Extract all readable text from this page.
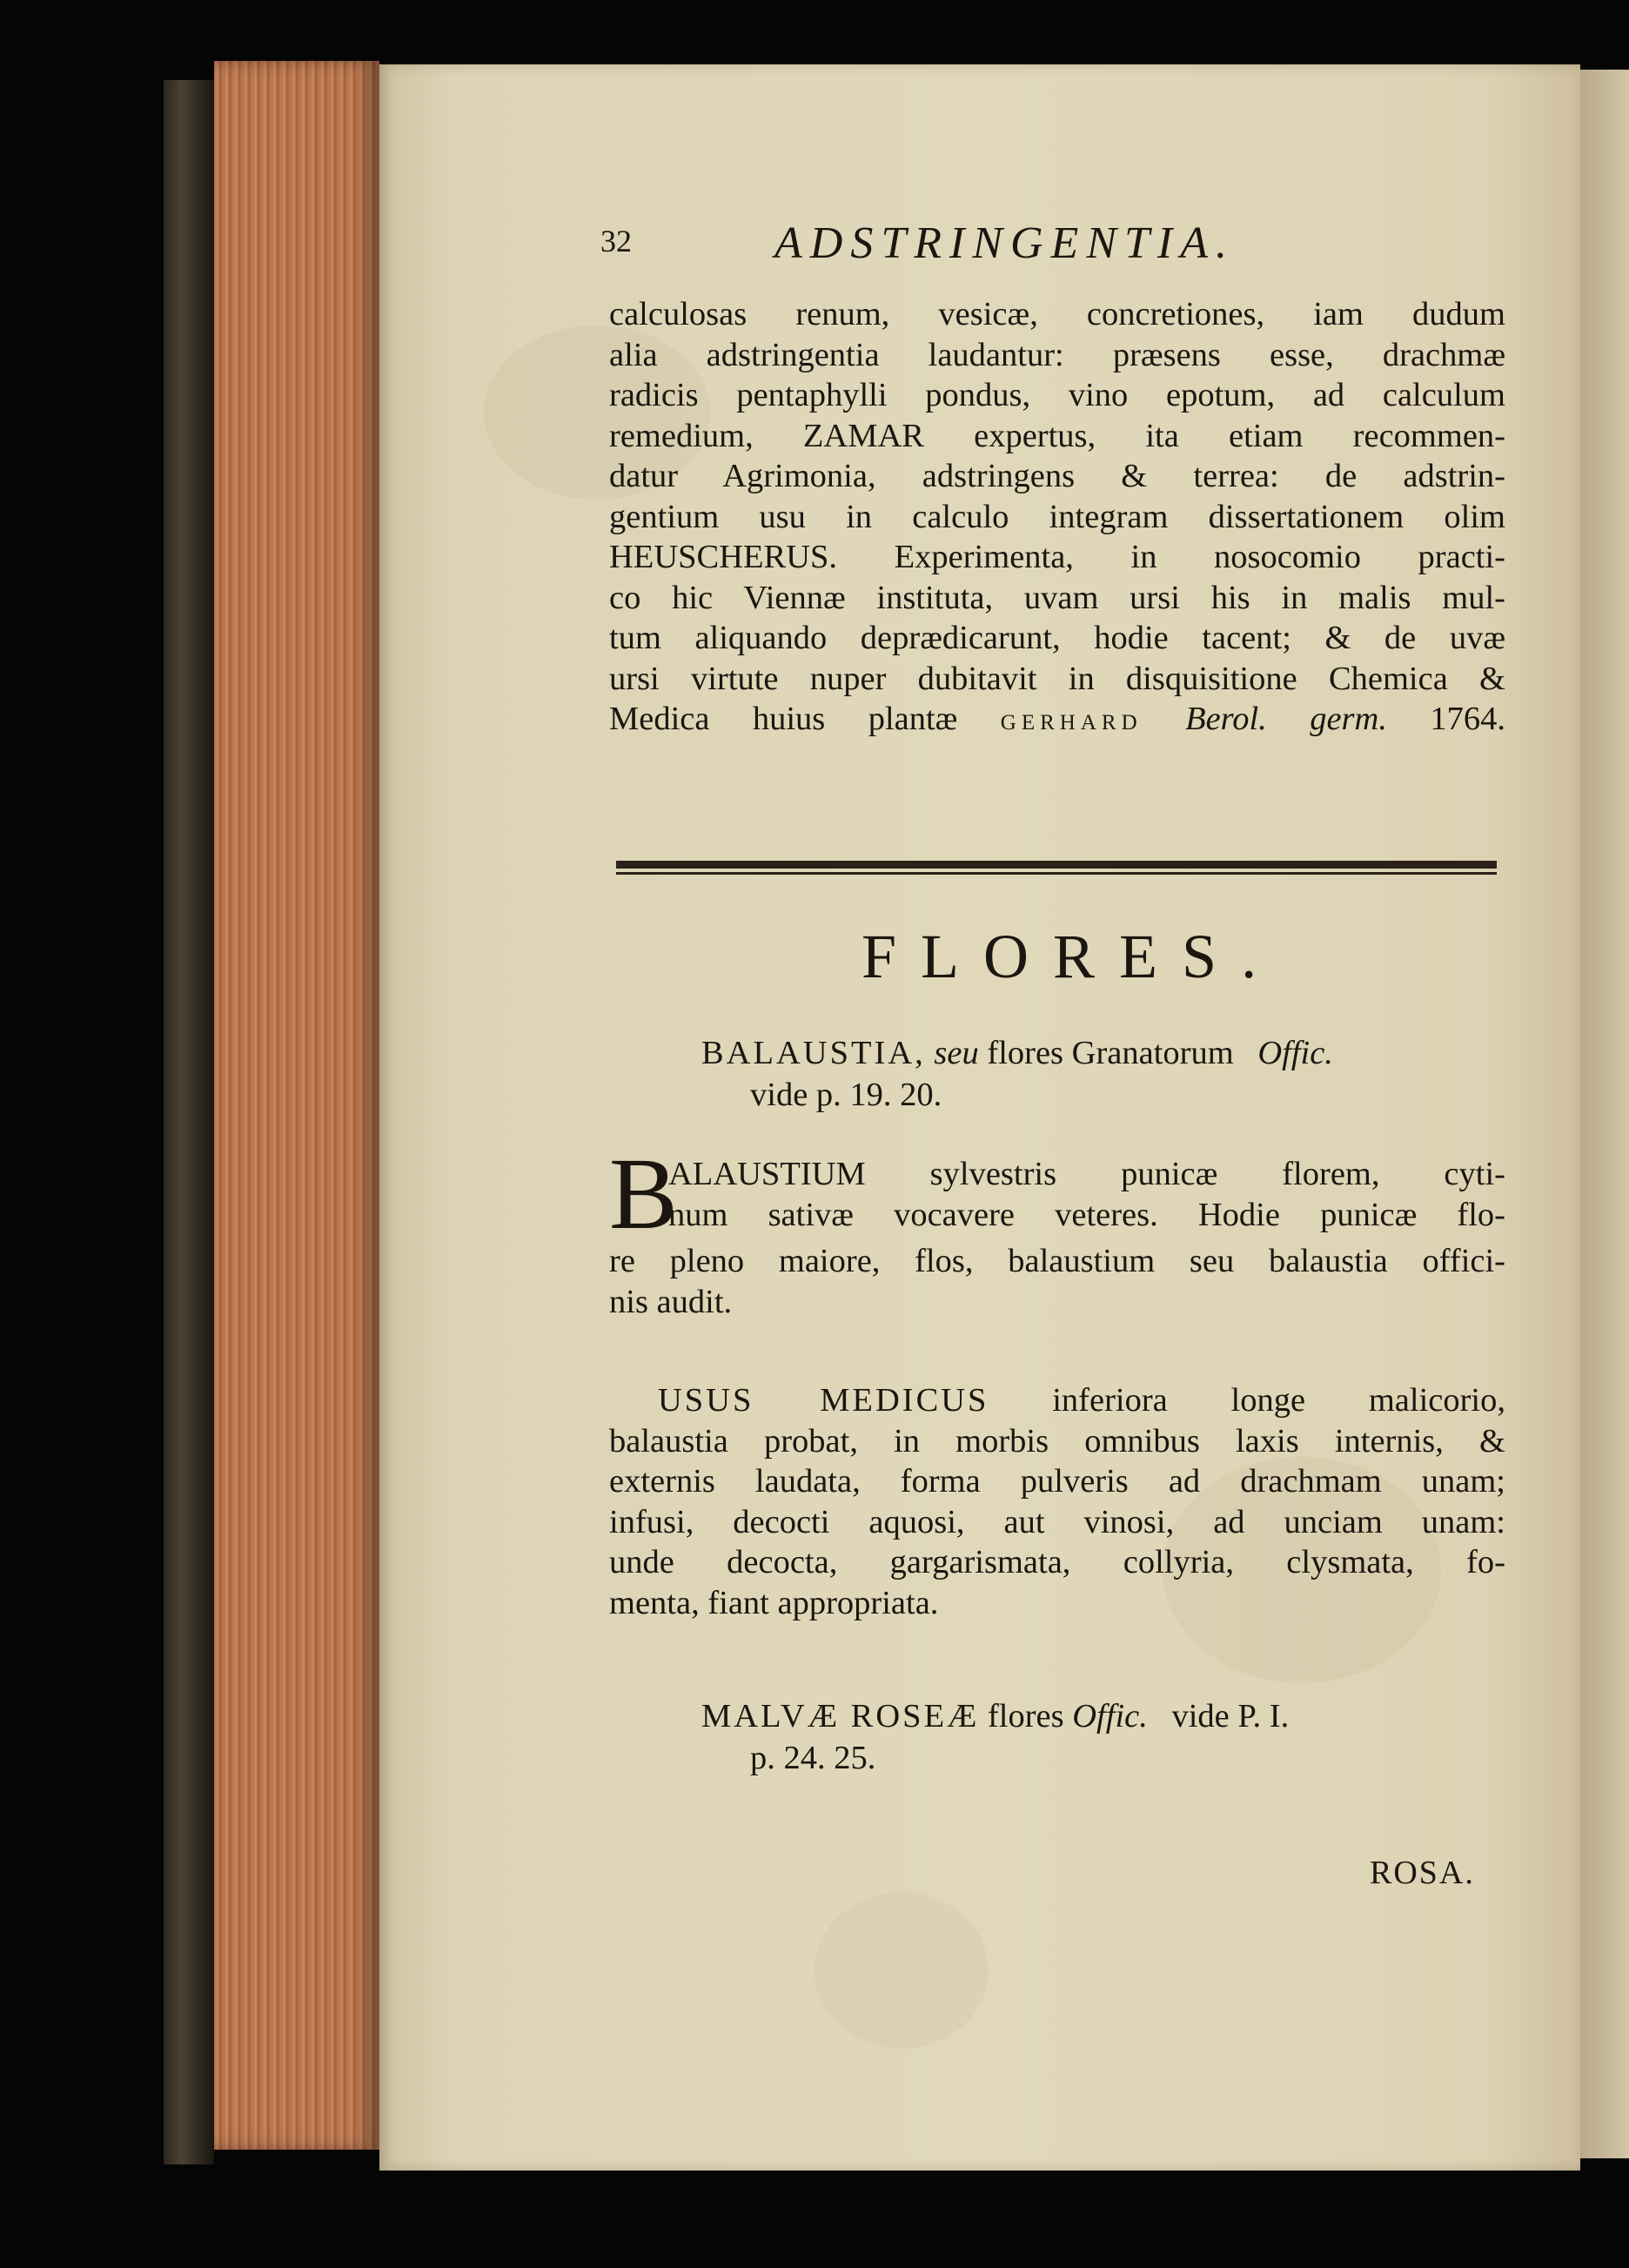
32	ADSTRINGENTIA.
calculosas renum, vesicæ, concretiones, iam dudum
alia adstringentia laudantur: præsens esse, drachmæ
radicis pentaphylli pondus, vino epotum, ad calculum
remedium, ZAMAR expertus, ita etiam recommen-
datur Agrimonia, adstringens & terrea: de adstrin-
gentium usu in calculo integram dissertationem olim
HEUSCHERUS. Experimenta, in nosocomio practi-
co hic Viennæ instituta, uvam ursi his in malis mul-
tum aliquando deprædicarunt, hodie tacent; & de uvæ
ursi virtute nuper dubitavit in disquisitione Chemica &
Medica huius plantæ GERHARD Berol. germ. 1764.
FLORES.
BALAUSTIA, seu flores Granatorum Offic.
vide p. 19. 20.
B
ALAUSTIUM sylvestris punicæ florem, cyti-
num sativæ vocavere veteres. Hodie punicæ flo-
re pleno maiore, flos, balaustium seu balaustia offici-
nis audit.
USUS MEDICUS inferiora longe malicorio,
balaustia probat, in morbis omnibus laxis internis, &
externis laudata, forma pulveris ad drachmam unam;
infusi, decocti aquosi, aut vinosi, ad unciam unam:
unde decocta, gargarismata, collyria, clysmata, fo-
menta, fiant appropriata.
MALVÆ ROSEÆ flores Offic. vide P. I.
p. 24. 25.
ROSA.
